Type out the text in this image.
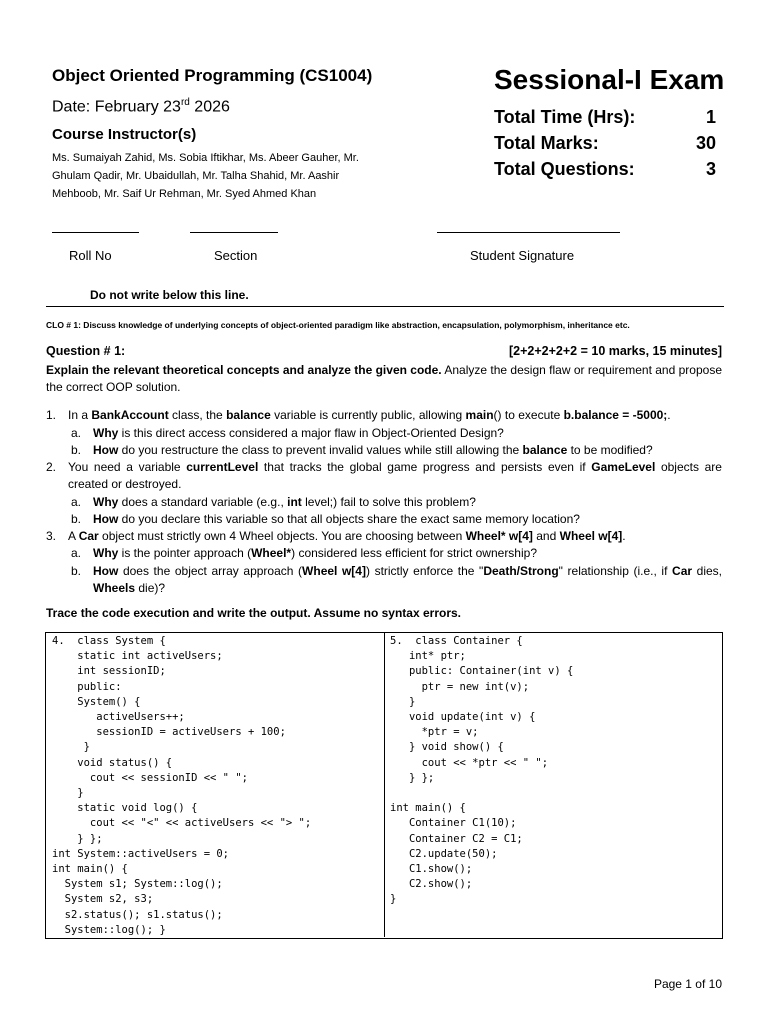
Object Oriented Programming (CS1004)
Date: February 23rd 2026
Course Instructor(s)
Ms. Sumaiyah Zahid, Ms. Sobia Iftikhar, Ms. Abeer Gauher, Mr. Ghulam Qadir, Mr. Ubaidullah, Mr. Talha Shahid, Mr. Aashir Mehboob, Mr. Saif Ur Rehman, Mr. Syed Ahmed Khan
Sessional-I Exam
Total Time (Hrs):	1
Total Marks:	30
Total Questions:	3
Roll No	Section	Student Signature
Do not write below this line.
CLO # 1: Discuss knowledge of underlying concepts of object-oriented paradigm like abstraction, encapsulation, polymorphism, inheritance etc.
Question # 1:	[2+2+2+2+2 = 10 marks, 15 minutes]
Explain the relevant theoretical concepts and analyze the given code. Analyze the design flaw or requirement and propose the correct OOP solution.
1. In a BankAccount class, the balance variable is currently public, allowing main() to execute b.balance = -5000;.
a. Why is this direct access considered a major flaw in Object-Oriented Design?
b. How do you restructure the class to prevent invalid values while still allowing the balance to be modified?
2. You need a variable currentLevel that tracks the global game progress and persists even if GameLevel objects are created or destroyed.
a. Why does a standard variable (e.g., int level;) fail to solve this problem?
b. How do you declare this variable so that all objects share the exact same memory location?
3. A Car object must strictly own 4 Wheel objects. You are choosing between Wheel* w[4] and Wheel w[4].
a. Why is the pointer approach (Wheel*) considered less efficient for strict ownership?
b. How does the object array approach (Wheel w[4]) strictly enforce the "Death/Strong" relationship (i.e., if Car dies, Wheels die)?
Trace the code execution and write the output. Assume no syntax errors.
4.  class System {
static int activeUsers;
int sessionID;
public:
System() {
activeUsers++;
sessionID = activeUsers + 100;
}
void status() {
cout << sessionID << " ";
}
static void log() {
cout << "<" << activeUsers << "> ";
} };
int System::activeUsers = 0;
int main() {
System s1; System::log();
System s2, s3;
s2.status(); s1.status();
System::log(); }
5.  class Container {
int* ptr;
public: Container(int v) {
ptr = new int(v);
}
void update(int v) {
*ptr = v;
} void show() {
cout << *ptr << " ";
} };

int main() {
Container C1(10);
Container C2 = C1;
C2.update(50);
C1.show();
C2.show();
}
Page 1 of 10
